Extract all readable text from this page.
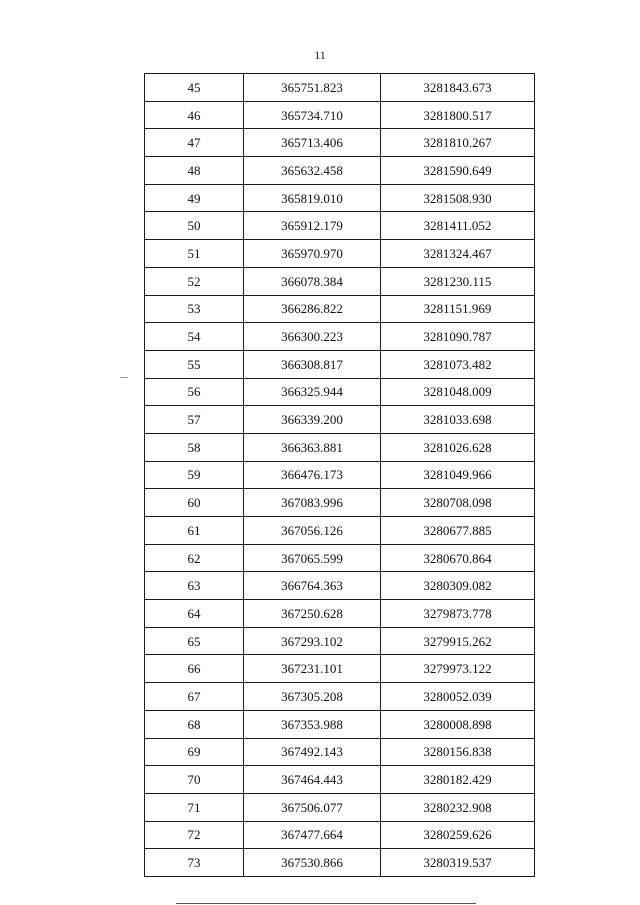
11
45	365751.823	3281843.673
46	365734.710	3281800.517
47	365713.406	3281810.267
48	365632.458	3281590.649
49	365819.010	3281508.930
50	365912.179	3281411.052
51	365970.970	3281324.467
52	366078.384	3281230.115
53	366286.822	3281151.969
54	366300.223	3281090.787
55	366308.817	3281073.482
56	366325.944	3281048.009
57	366339.200	3281033.698
58	366363.881	3281026.628
59	366476.173	3281049.966
60	367083.996	3280708.098
61	367056.126	3280677.885
62	367065.599	3280670.864
63	366764.363	3280309.082
64	367250.628	3279873.778
65	367293.102	3279915.262
66	367231.101	3279973.122
67	367305.208	3280052.039
68	367353.988	3280008.898
69	367492.143	3280156.838
70	367464.443	3280182.429
71	367506.077	3280232.908
72	367477.664	3280259.626
73	367530.866	3280319.537
